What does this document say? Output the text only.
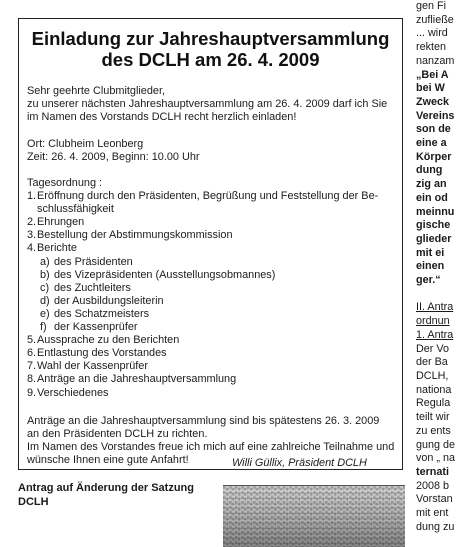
Einladung zur Jahreshauptversammlung
des DCLH am 26. 4. 2009
Sehr geehrte Clubmitglieder,
zu unserer nächsten Jahreshauptversammlung am 26. 4. 2009 darf ich Sie
im Namen des Vorstands DCLH recht herzlich einladen!
Ort: Clubheim Leonberg
Zeit: 26. 4. 2009, Beginn: 10.00 Uhr
Tagesordnung :
1.Eröffnung durch den Präsidenten, Begrüßung und Feststellung der Be-
schlussfähigkeit
2.Ehrungen
3.Bestellung der Abstimmungskommission
4.Berichte
a) des Präsidenten
b) des Vizepräsidenten (Ausstellungsobmannes)
c) des Zuchtleiters
d) der Ausbildungsleiterin
e) des Schatzmeisters
f) der Kassenprüfer
5.Aussprache zu den Berichten
6.Entlastung des Vorstandes
7.Wahl der Kassenprüfer
8.Anträge an die Jahreshauptversammlung
9.Verschiedenes
Anträge an die Jahreshauptversammlung sind bis spätestens 26. 3. 2009
an den Präsidenten DCLH zu richten.
Im Namen des Vorstandes freue ich mich auf eine zahlreiche Teilnahme und
wünsche Ihnen eine gute Anfahrt!	Willi Güllix, Präsident DCLH
Antrag auf Änderung der Satzung
DCLH
gen Fi
zufließe
... wird
rekten
nanzam
„Bei A
bei W
Zweck
Vereins
son de
eine a
Körper
dung
zig an
ein od
meinnu
gische
glieder
mit ei
einen
ger.“

II. Antra
ordnun
1. Antra
Der Vo
der Ba
DCLH,
nationa
Regula
teilt wir
zu ents
gung de
von „ na
ternati
2008 b
Vorstan
mit ent
dung zu
